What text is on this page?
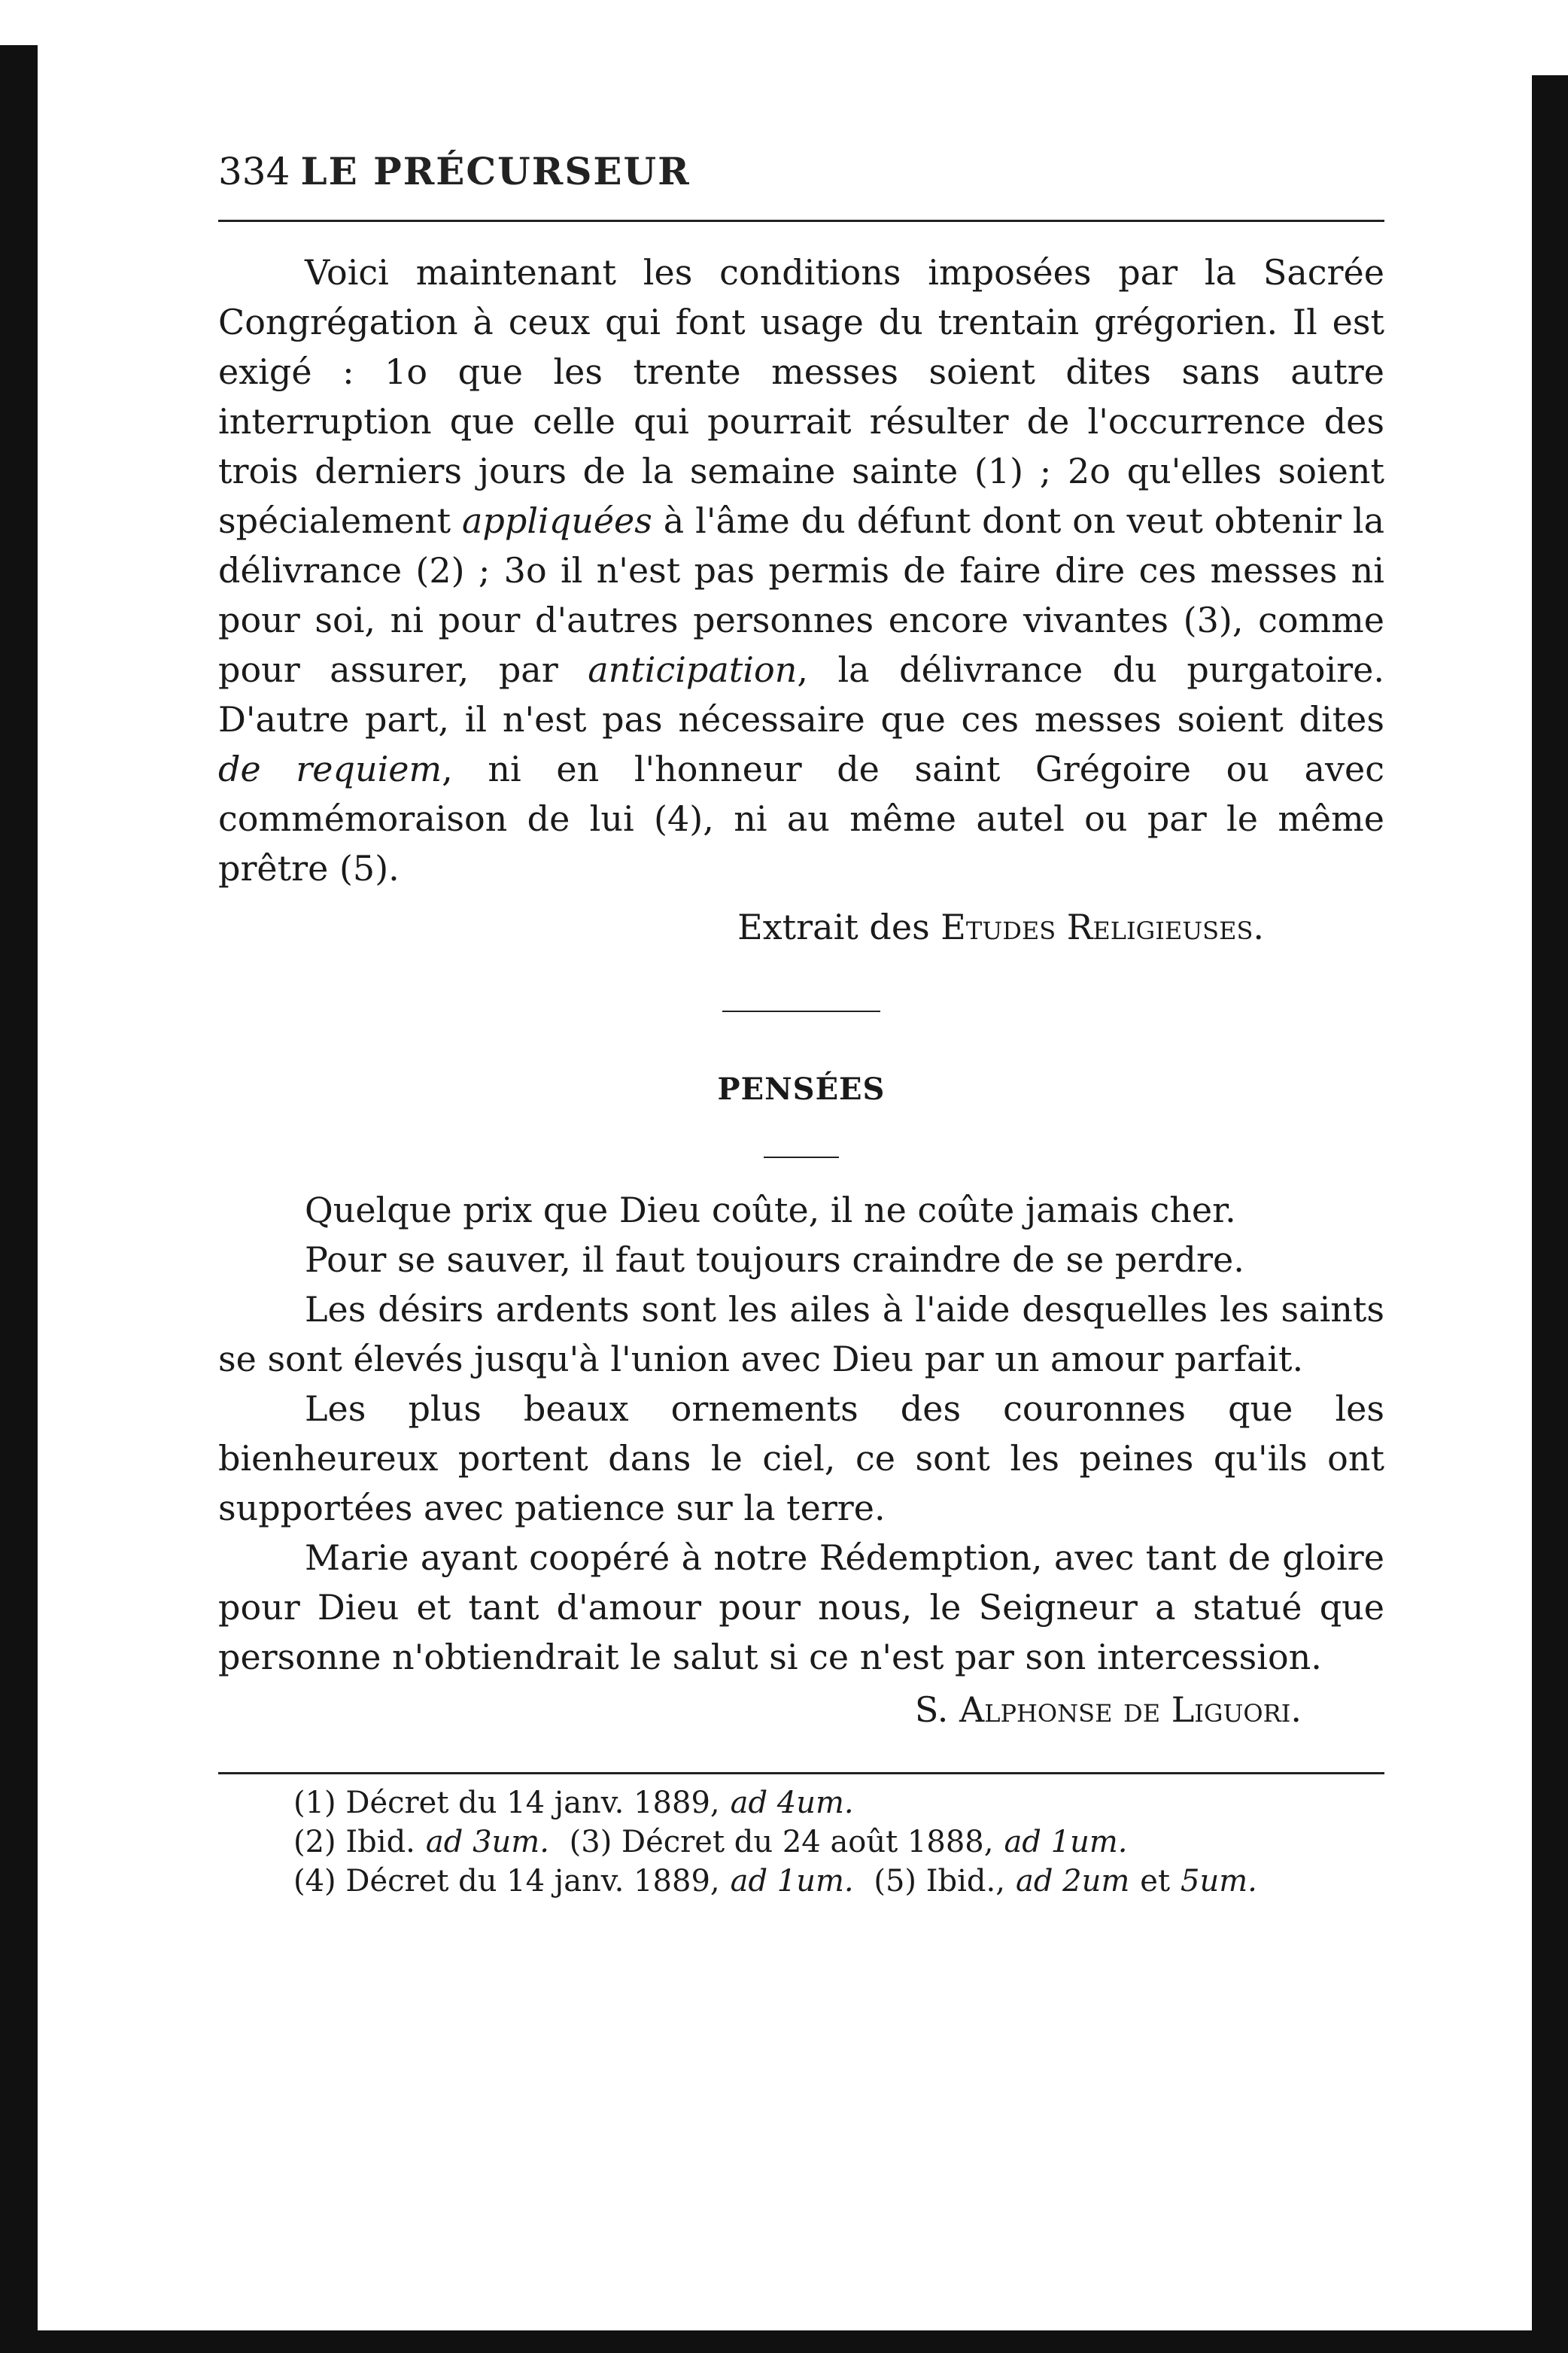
334 LE PRÉCURSEUR

Voici maintenant les conditions imposées par la Sacrée Congrégation à ceux qui font usage du trentain grégorien. Il est exigé : 1o que les trente messes soient dites sans autre interruption que celle qui pourrait résulter de l'occurrence des trois derniers jours de la semaine sainte (1) ; 2o qu'elles soient spécialement appliquées à l'âme du défunt dont on veut obtenir la délivrance (2) ; 3o il n'est pas permis de faire dire ces messes ni pour soi, ni pour d'autres personnes encore vivantes (3), comme pour assurer, par anticipation, la délivrance du purgatoire. D'autre part, il n'est pas nécessaire que ces messes soient dites de requiem, ni en l'honneur de saint Grégoire ou avec commémoraison de lui (4), ni au même autel ou par le même prêtre (5).

Extrait des Etudes Religieuses.
PENSÉES

Quelque prix que Dieu coûte, il ne coûte jamais cher.

Pour se sauver, il faut toujours craindre de se perdre.

Les désirs ardents sont les ailes à l'aide desquelles les saints se sont élevés jusqu'à l'union avec Dieu par un amour parfait.

Les plus beaux ornements des couronnes que les bienheureux portent dans le ciel, ce sont les peines qu'ils ont supportées avec patience sur la terre.

Marie ayant coopéré à notre Rédemption, avec tant de gloire pour Dieu et tant d'amour pour nous, le Seigneur a statué que personne n'obtiendrait le salut si ce n'est par son intercession.

S. Alphonse de Liguori.
(1) Décret du 14 janv. 1889, ad 4um.
(2) Ibid. ad 3um. (3) Décret du 24 août 1888, ad 1um.
(4) Décret du 14 janv. 1889, ad 1um. (5) Ibid., ad 2um et 5um.
